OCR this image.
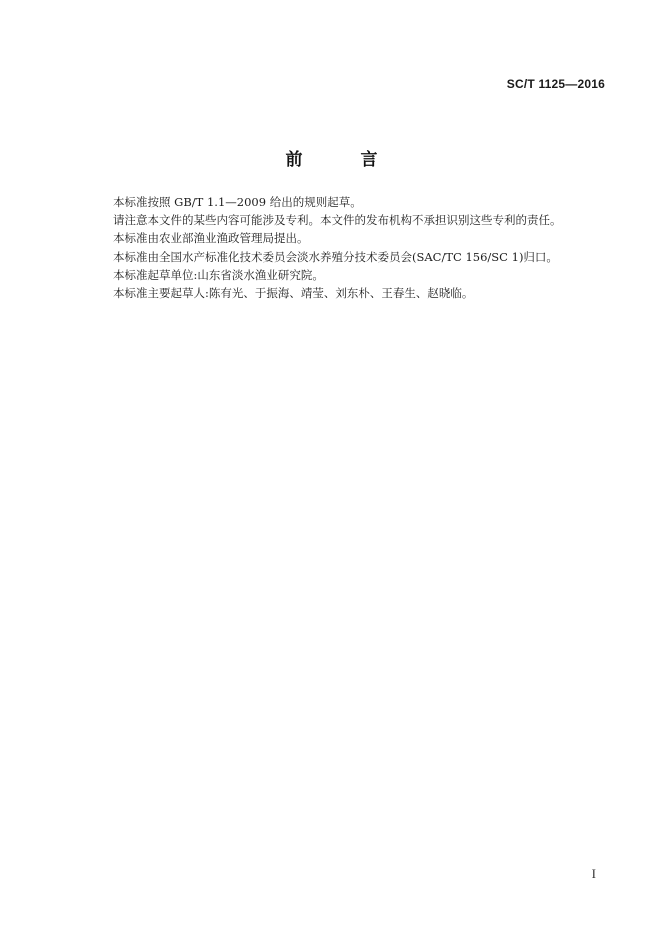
SC/T 1125—2016
前 言
本标准按照 GB/T 1.1—2009 给出的规则起草。
请注意本文件的某些内容可能涉及专利。本文件的发布机构不承担识别这些专利的责任。
本标准由农业部渔业渔政管理局提出。
本标准由全国水产标准化技术委员会淡水养殖分技术委员会(SAC/TC 156/SC 1)归口。
本标准起草单位:山东省淡水渔业研究院。
本标准主要起草人:陈有光、于振海、靖莹、刘东朴、王春生、赵晓临。
I
